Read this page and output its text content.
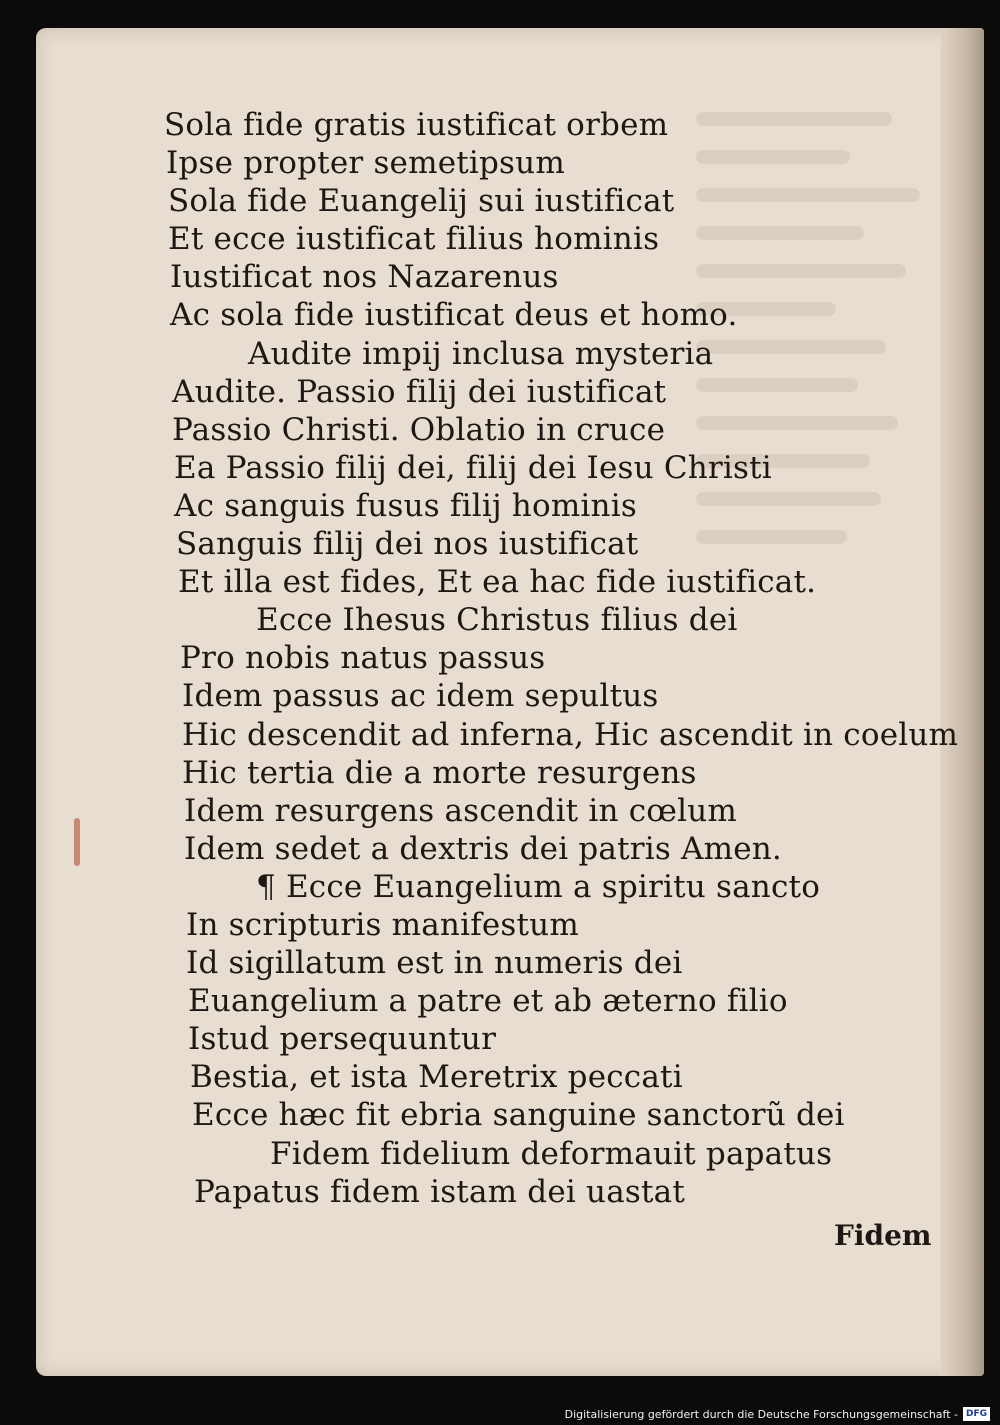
Sola fide gratis iustificat orbem
Ipse propter semetipsum
Sola fide Euangelij sui iustificat
Et ecce iustificat filius hominis
Iustificat nos Nazarenus
Ac sola fide iustificat deus et homo.
Audite impij inclusa mysteria
Audite. Passio filij dei iustificat
Passio Christi. Oblatio in cruce
Ea Passio filij dei, filij dei Iesu Christi
Ac sanguis fusus filij hominis
Sanguis filij dei nos iustificat
Et illa est fides, Et ea hac fide iustificat.
Ecce Ihesus Christus filius dei
Pro nobis natus passus
Idem passus ac idem sepultus
Hic descendit ad inferna, Hic ascendit in coelum
Hic tertia die a morte resurgens
Idem resurgens ascendit in cœlum
Idem sedet a dextris dei patris Amen.
¶ Ecce Euangelium a spiritu sancto
In scripturis manifestum
Id sigillatum est in numeris dei
Euangelium a patre et ab æterno filio
Istud persequuntur
Bestia, et ista Meretrix peccati
Ecce hæc fit ebria sanguine sanctorũ dei
Fidem fidelium deformauit papatus
Papatus fidem istam dei uastat
Fidem
Digitalisierung gefördert durch die Deutsche Forschungsgemeinschaft - DFG
